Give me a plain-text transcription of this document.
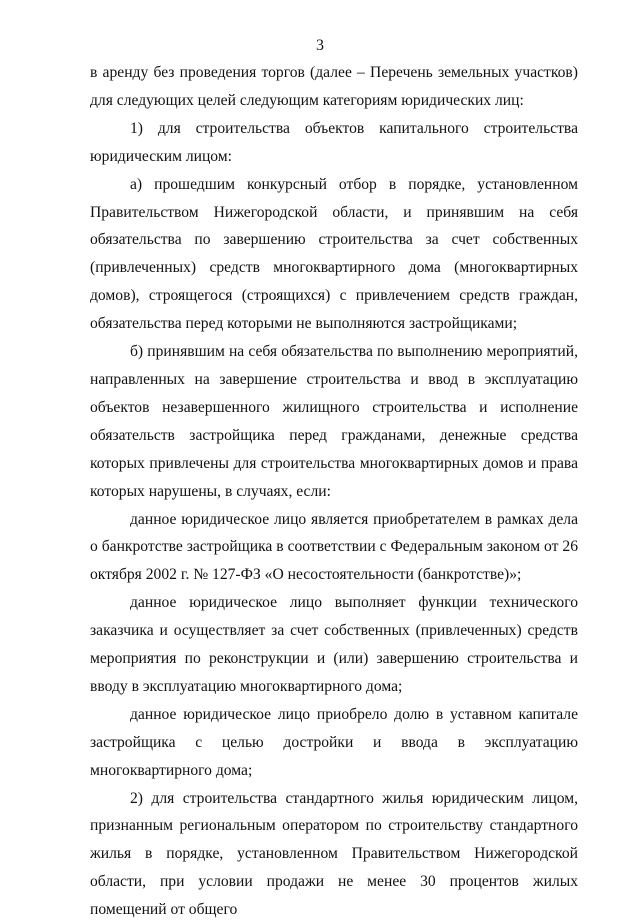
3

в аренду без проведения торгов (далее – Перечень земельных участков) для следующих целей следующим категориям юридических лиц:

1) для строительства объектов капитального строительства юридическим лицом:

а) прошедшим конкурсный отбор в порядке, установленном Правительством Нижегородской области, и принявшим на себя обязательства по завершению строительства за счет собственных (привлеченных) средств многоквартирного дома (многоквартирных домов), строящегося (строящихся) с привлечением средств граждан, обязательства перед которыми не выполняются застройщиками;

б) принявшим на себя обязательства по выполнению мероприятий, направленных на завершение строительства и ввод в эксплуатацию объектов незавершенного жилищного строительства и исполнение обязательств застройщика перед гражданами, денежные средства которых привлечены для строительства многоквартирных домов и права которых нарушены, в случаях, если:

данное юридическое лицо является приобретателем в рамках дела о банкротстве застройщика в соответствии с Федеральным законом от 26 октября 2002 г. № 127-ФЗ «О несостоятельности (банкротстве)»;

данное юридическое лицо выполняет функции технического заказчика и осуществляет за счет собственных (привлеченных) средств мероприятия по реконструкции и (или) завершению строительства и вводу в эксплуатацию многоквартирного дома;

данное юридическое лицо приобрело долю в уставном капитале застройщика с целью достройки и ввода в эксплуатацию многоквартирного дома;

2) для строительства стандартного жилья юридическим лицом, признанным региональным оператором по строительству стандартного жилья в порядке, установленном Правительством Нижегородской области, при условии продажи не менее 30 процентов жилых помещений от общего
